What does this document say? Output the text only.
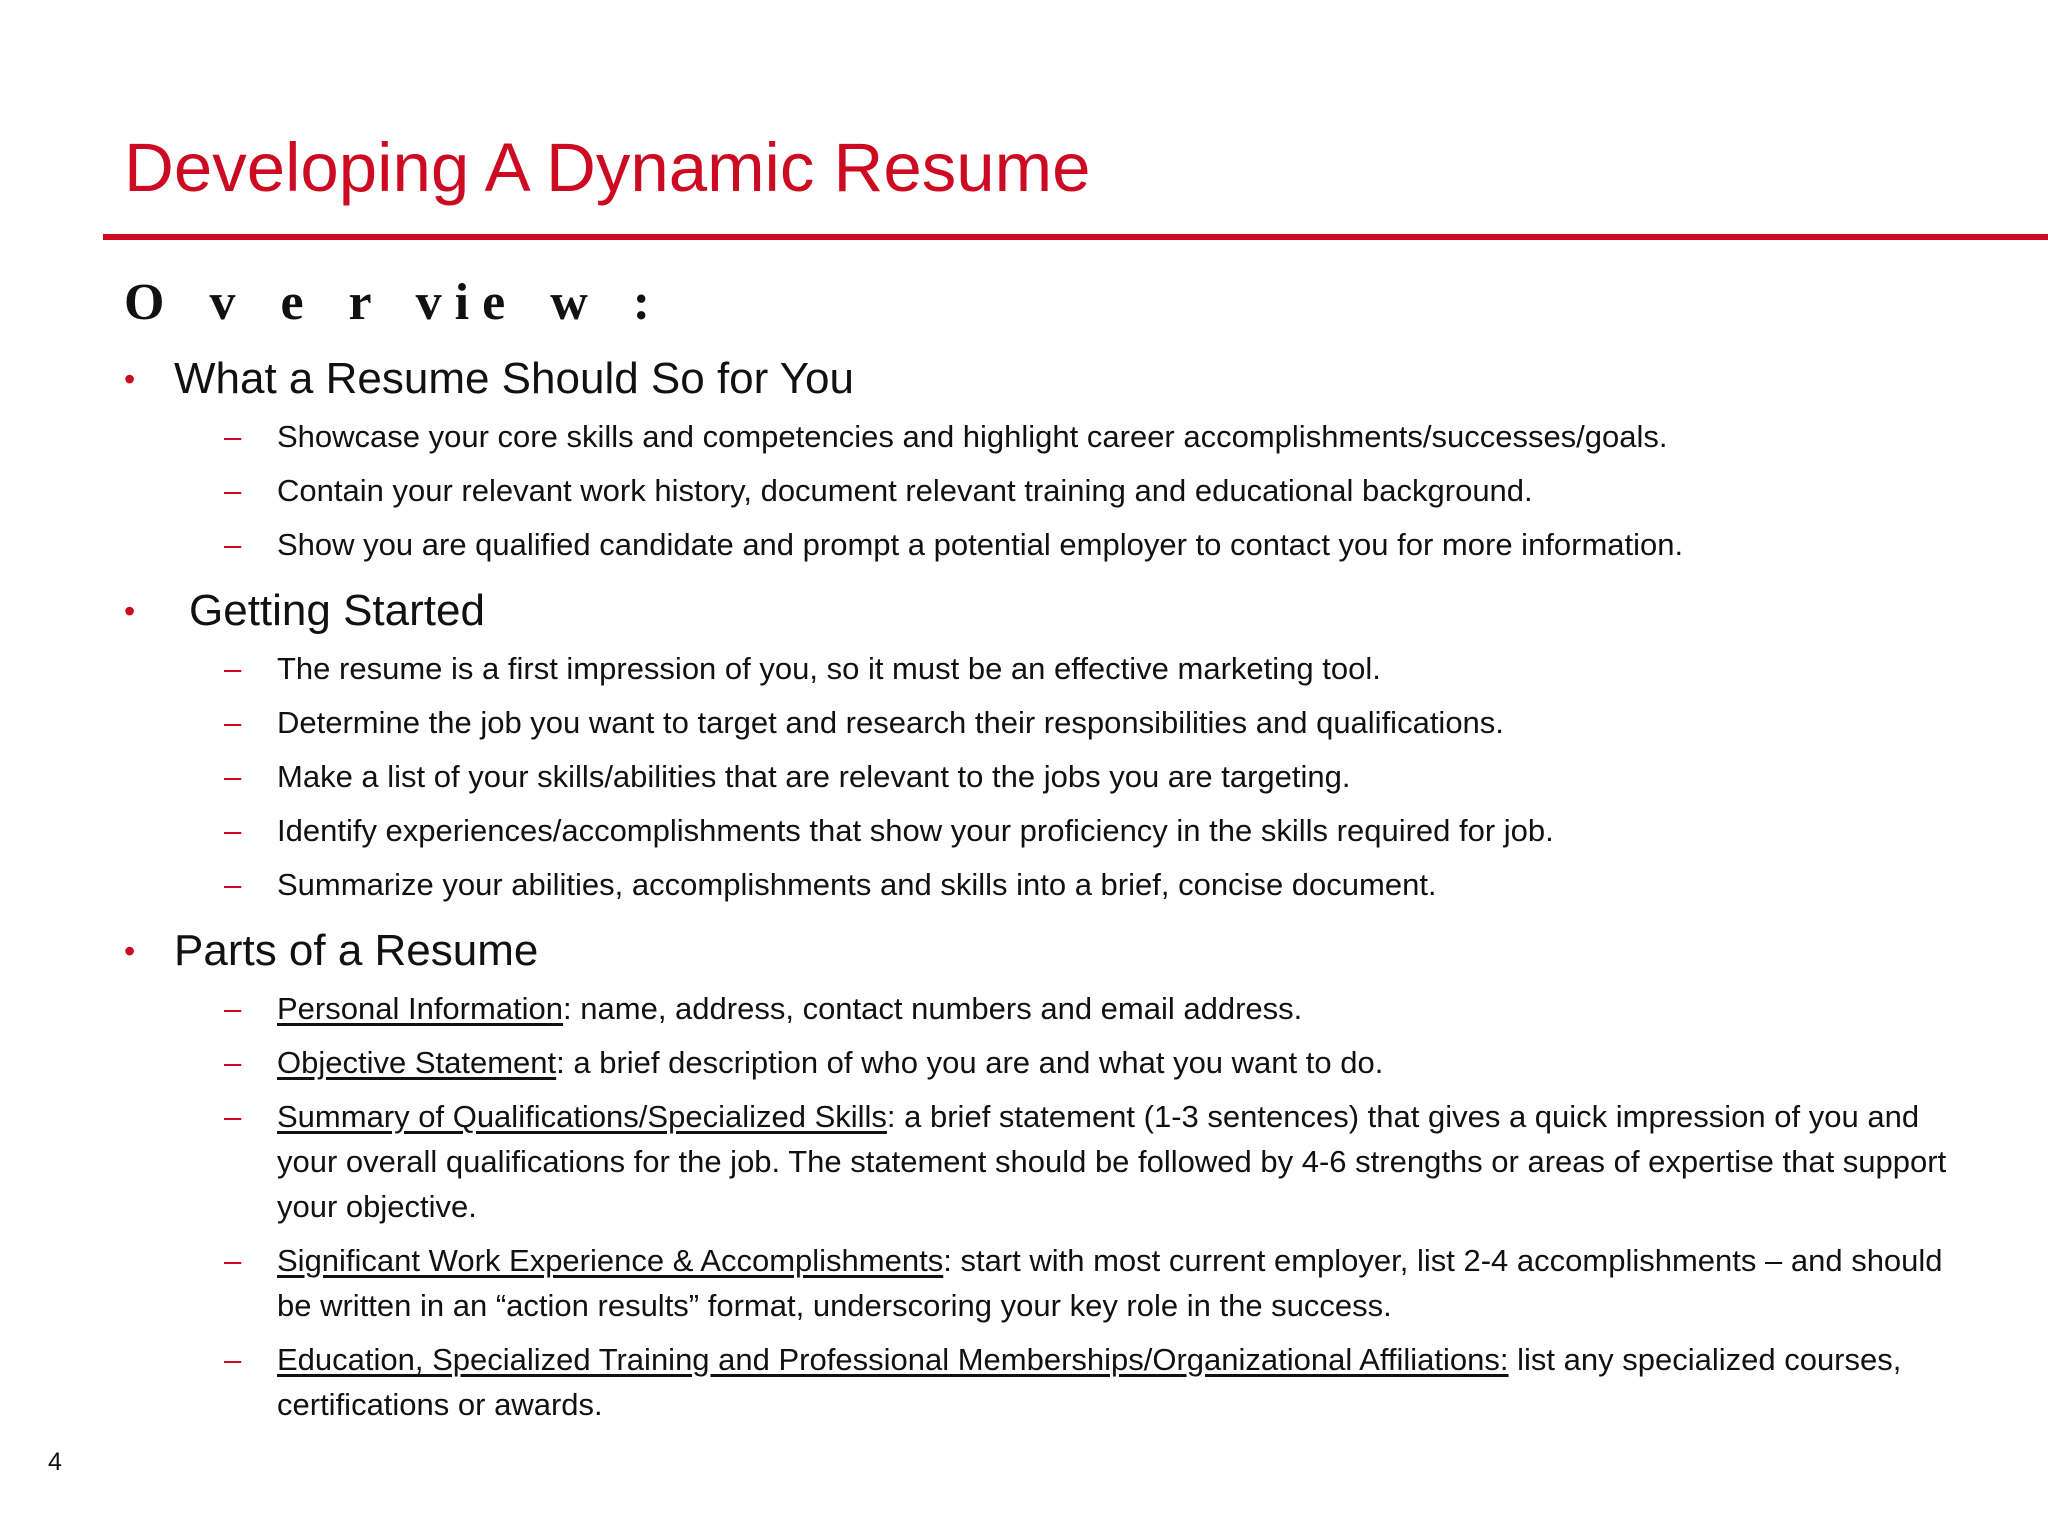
Developing A Dynamic Resume
O v e r vie w :
• What a Resume Should So for You
– Showcase your core skills and competencies and highlight career accomplishments/successes/goals.
– Contain your relevant work history, document relevant training and educational background.
– Show you are qualified candidate and prompt a potential employer to contact you for more information.
• Getting Started
– The resume is a first impression of you, so it must be an effective marketing tool.
– Determine the job you want to target and research their responsibilities and qualifications.
– Make a list of your skills/abilities that are relevant to the jobs you are targeting.
– Identify experiences/accomplishments that show your proficiency in the skills required for job.
– Summarize your abilities, accomplishments and skills into a brief, concise document.
• Parts of a Resume
– Personal Information: name, address, contact numbers and email address.
– Objective Statement: a brief description of who you are and what you want to do.
– Summary of Qualifications/Specialized Skills: a brief statement (1-3 sentences) that gives a quick impression of you and your overall qualifications for the job. The statement should be followed by 4-6 strengths or areas of expertise that support your objective.
– Significant Work Experience & Accomplishments: start with most current employer, list 2-4 accomplishments – and should be written in an “action results” format, underscoring your key role in the success.
– Education, Specialized Training and Professional Memberships/Organizational Affiliations: list any specialized courses, certifications or awards.
4
